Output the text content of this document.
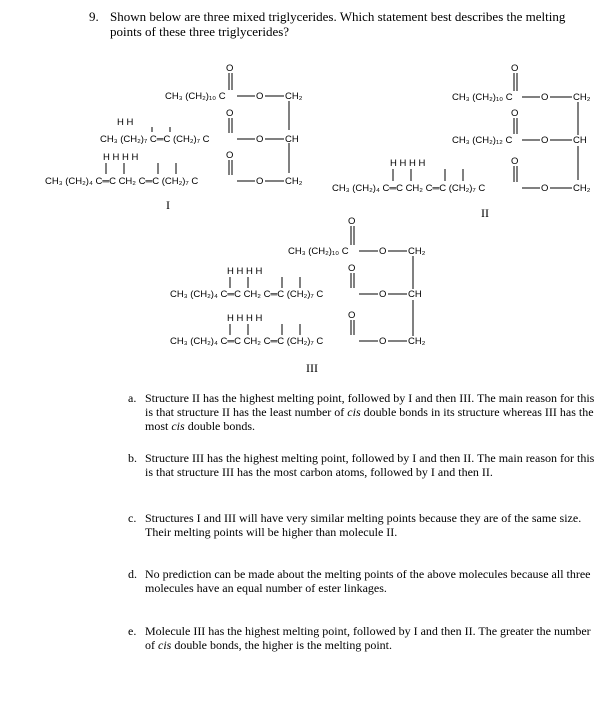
9. Shown below are three mixed triglycerides. Which statement best describes the melting points of these three triglycerides?
CH₃ (CH₂)₁₀ C
O
O CH₂
H H
CH₃ (CH₂)₇ C═C (CH₂)₇ C
O
O CH
H H H H
CH₃ (CH₂)₄ C═C CH₂ C═C (CH₂)₇ C
O
O CH₂
CH₃ (CH₂)₁₀ C
O
O	CH₂
CH₃ (CH₂)₁₂ C
O
O	CH
H H H H
CH₃ (CH₂)₄ C═C CH₂ C═C (CH₂)₇ C
O
O	CH₂
CH₃ (CH₂)₁₀ C
O
O CH₂
H H H H
CH₃ (CH₂)₄ C═C CH₂ C═C (CH₂)₇ C
O
O CH
H H H H
CH₃ (CH₂)₄ C═C CH₂ C═C (CH₂)₇ C
O
O CH₂
I
II
III
a. Structure II has the highest melting point, followed by I and then III. The main reason for this is that structure II has the least number of cis double bonds in its structure whereas III has the most cis double bonds.
b. Structure III has the highest melting point, followed by I and then II. The main reason for this is that structure III has the most carbon atoms, followed by I and then II.
c. Structures I and III will have very similar melting points because they are of the same size. Their melting points will be higher than molecule II.
d. No prediction can be made about the melting points of the above molecules because all three molecules have an equal number of ester linkages.
e. Molecule III has the highest melting point, followed by I and then II. The greater the number of cis double bonds, the higher is the melting point.
